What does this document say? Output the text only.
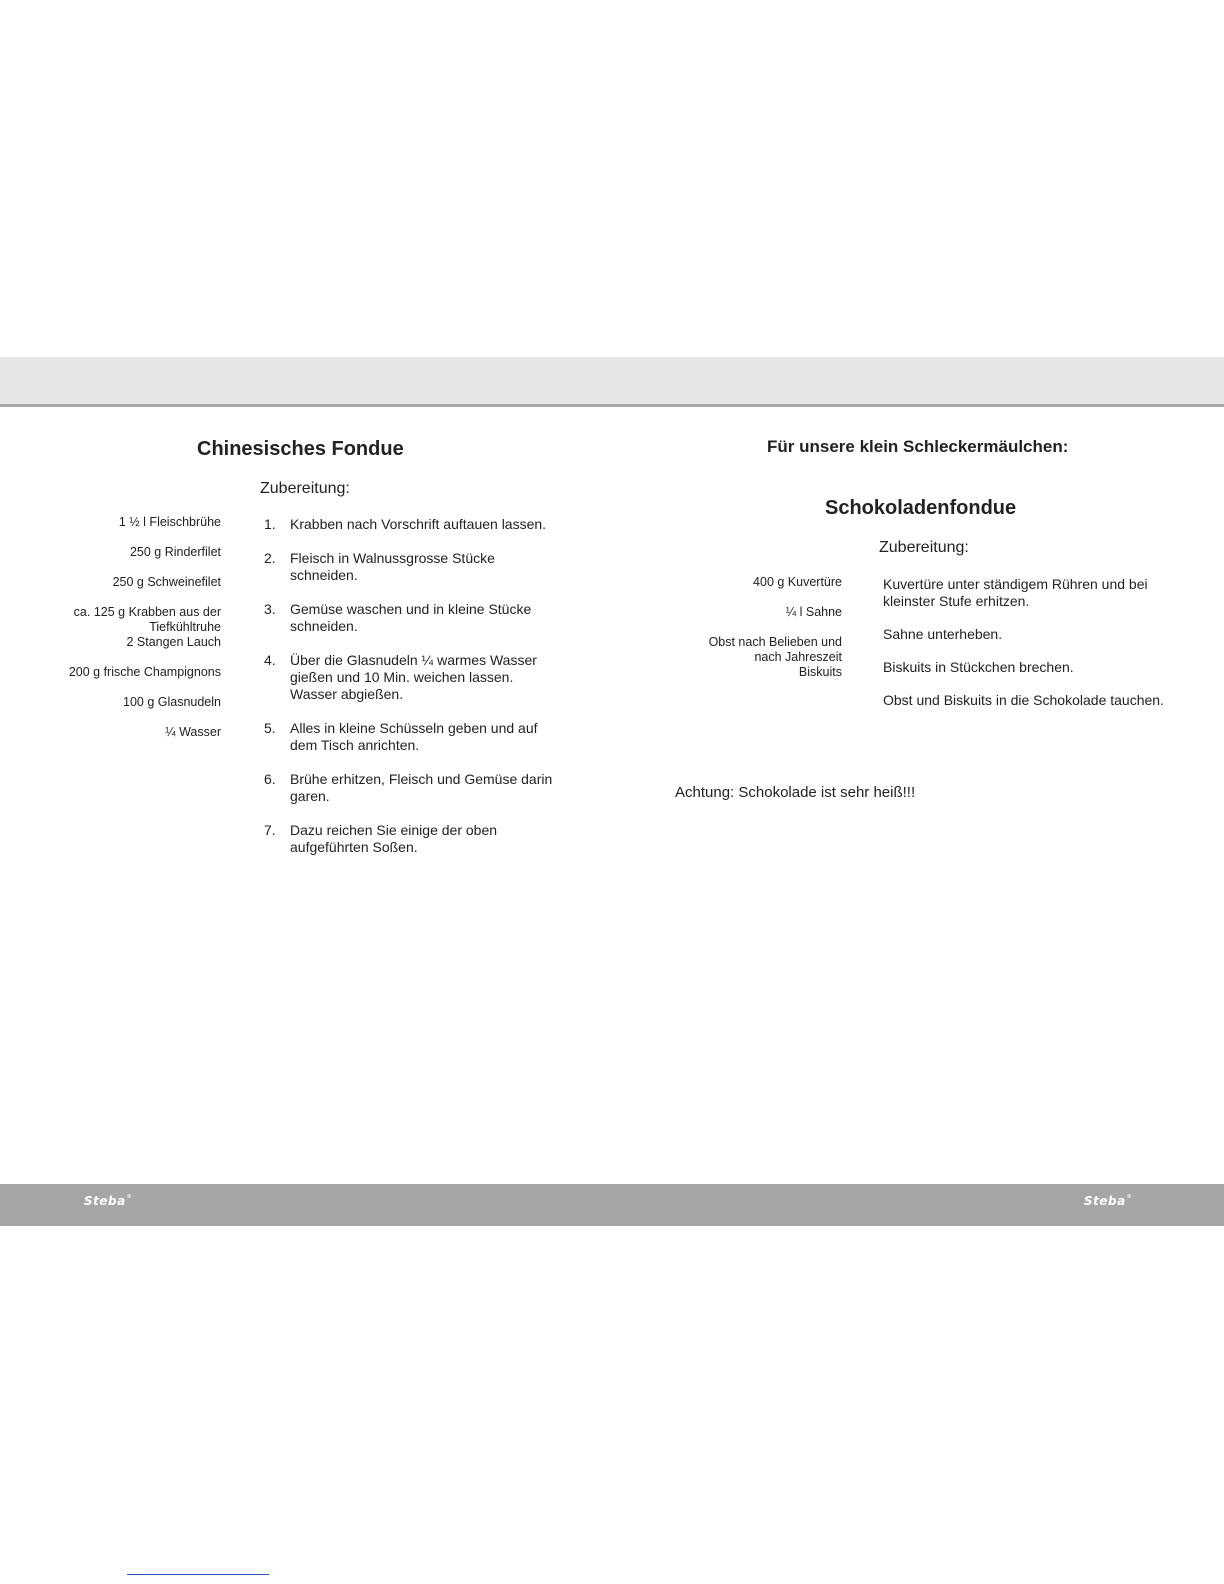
Chinesisches Fondue
Zubereitung:
1 ½ l Fleischbrühe
250 g Rinderfilet
250 g Schweinefilet
ca. 125 g Krabben aus der Tiefkühltruhe
2 Stangen Lauch
200 g frische Champignons
100 g Glasnudeln
¼ Wasser
1. Krabben nach Vorschrift auftauen lassen.
2. Fleisch in Walnussgrosse Stücke schneiden.
3. Gemüse waschen und in kleine Stücke schneiden.
4. Über die Glasnudeln ¼ warmes Wasser gießen und 10 Min. weichen lassen. Wasser abgießen.
5. Alles in kleine Schüsseln geben und auf dem Tisch anrichten.
6. Brühe erhitzen, Fleisch und Gemüse darin garen.
7. Dazu reichen Sie einige der oben aufgeführten Soßen.
Für unsere klein Schleckermäulchen:
Schokoladenfondue
Zubereitung:
400 g Kuvertüre
¼ l Sahne
Obst nach Belieben und nach Jahreszeit
Biskuits
Kuvertüre unter ständigem Rühren und bei kleinster Stufe erhitzen.
Sahne unterheben.
Biskuits in Stückchen brechen.
Obst und Biskuits in die Schokolade tauchen.
Achtung: Schokolade ist sehr heiß!!!
Steba®	Steba®
